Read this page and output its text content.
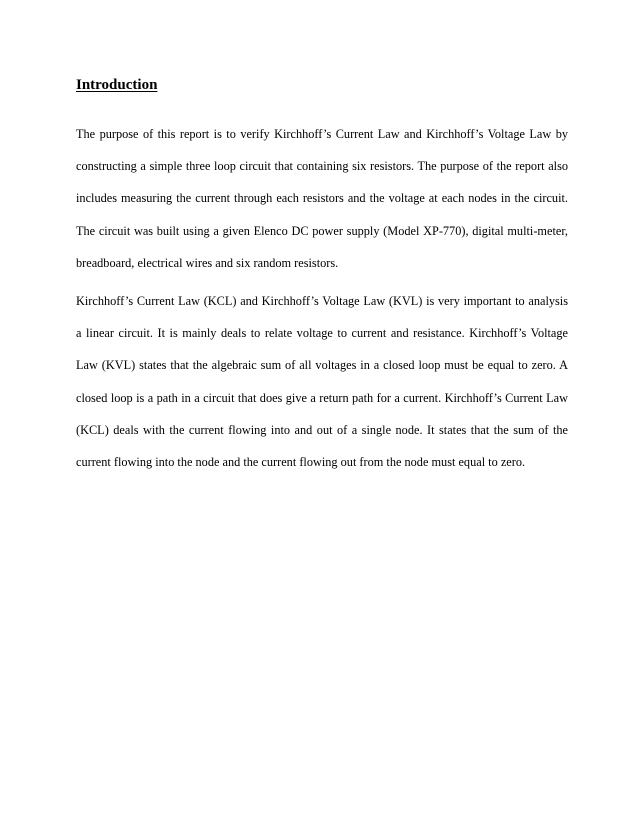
Introduction

The purpose of this report is to verify Kirchhoff’s Current Law and Kirchhoff’s Voltage Law by constructing a simple three loop circuit that containing six resistors. The purpose of the report also includes measuring the current through each resistors and the voltage at each nodes in the circuit. The circuit was built using a given Elenco DC power supply (Model XP-770), digital multi-meter, breadboard, electrical wires and six random resistors.

Kirchhoff’s Current Law (KCL) and Kirchhoff’s Voltage Law (KVL) is very important to analysis a linear circuit. It is mainly deals to relate voltage to current and resistance. Kirchhoff’s Voltage Law (KVL) states that the algebraic sum of all voltages in a closed loop must be equal to zero. A closed loop is a path in a circuit that does give a return path for a current. Kirchhoff’s Current Law (KCL) deals with the current flowing into and out of a single node. It states that the sum of the current flowing into the node and the current flowing out from the node must equal to zero.
